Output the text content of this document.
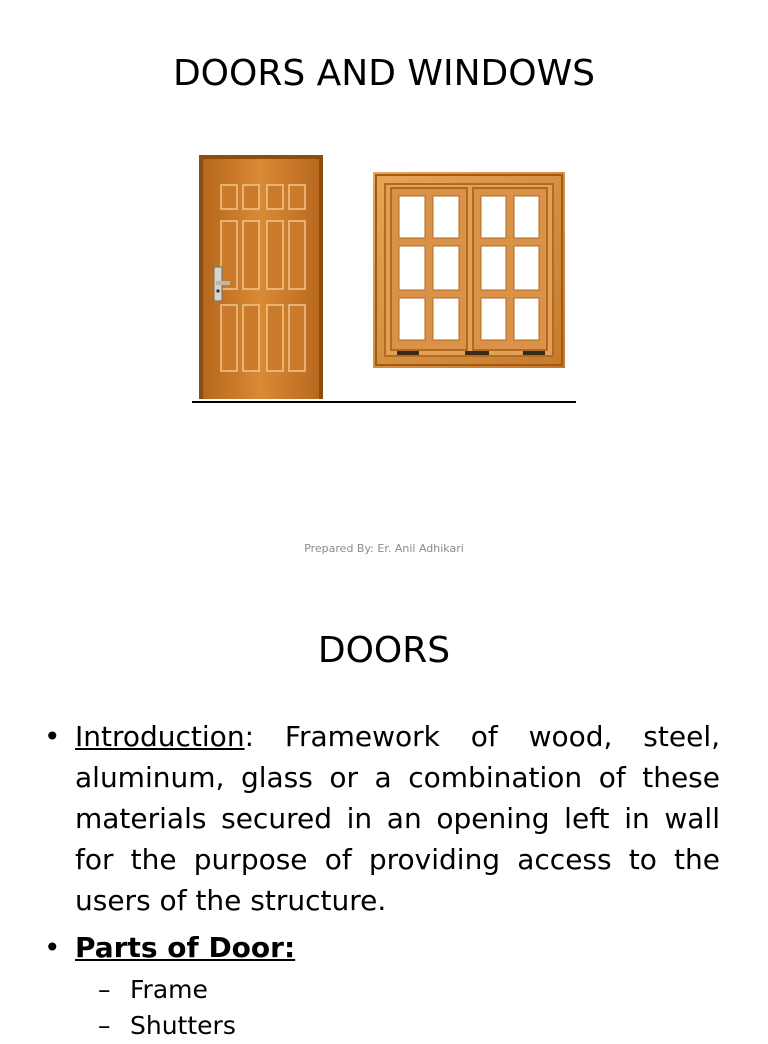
DOORS AND WINDOWS
Prepared By: Er. Anil Adhikari
DOORS
• Introduction: Framework of wood, steel, aluminum, glass or a combination of these materials secured in an opening left in wall for the purpose of providing access to the users of the structure.
• Parts of Door:
– Frame
– Shutters
